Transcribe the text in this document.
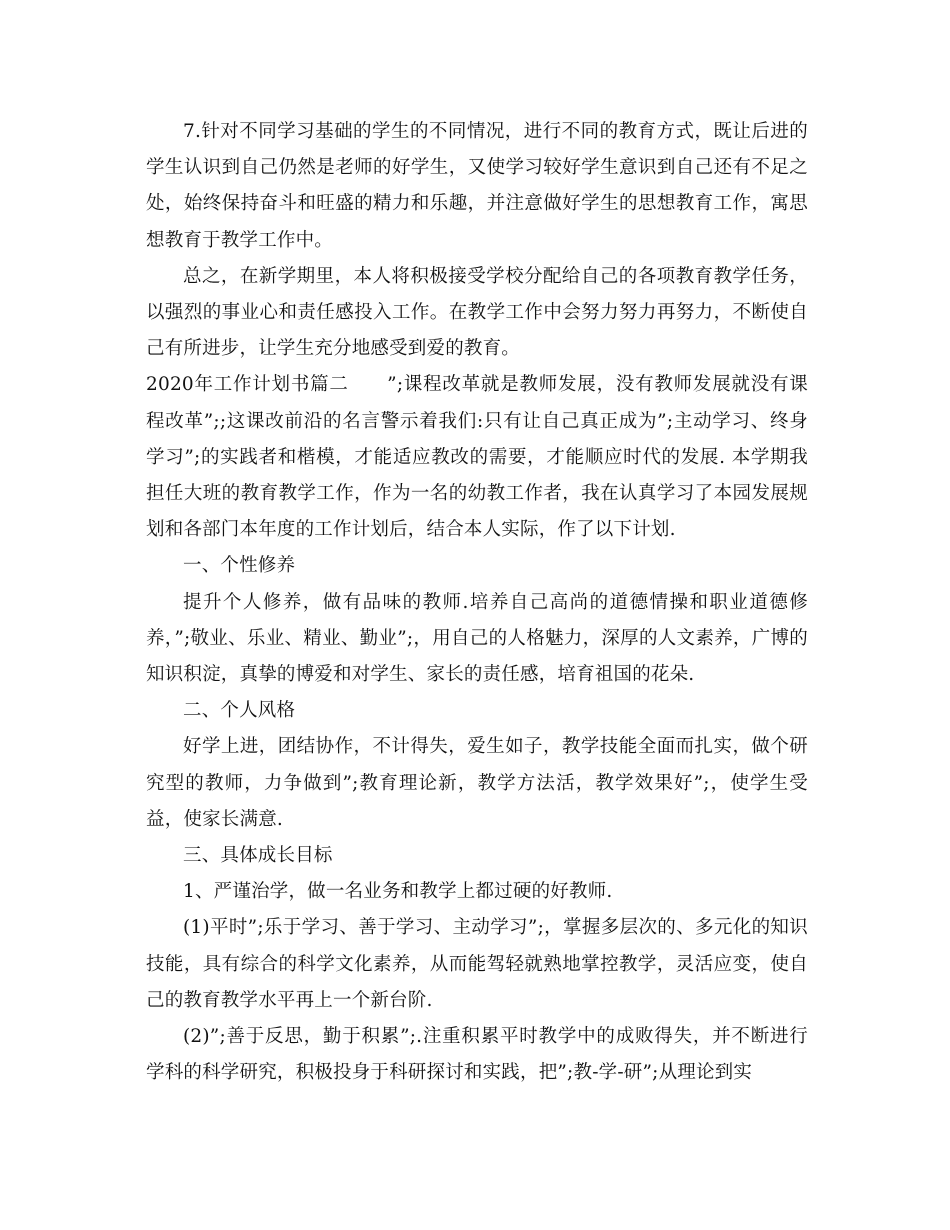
7.针对不同学习基础的学生的不同情况，进行不同的教育方式，既让后进的学生认识到自己仍然是老师的好学生，又使学习较好学生意识到自己还有不足之处，始终保持奋斗和旺盛的精力和乐趣，并注意做好学生的思想教育工作，寓思想教育于教学工作中。

总之，在新学期里，本人将积极接受学校分配给自己的各项教育教学任务，以强烈的事业心和责任感投入工作。在教学工作中会努力努力再努力，不断使自己有所进步，让学生充分地感受到爱的教育。

2020年工作计划书篇二　　”;课程改革就是教师发展，没有教师发展就没有课程改革”;;这课改前沿的名言警示着我们:只有让自己真正成为”;主动学习、终身学习”;的实践者和楷模，才能适应教改的需要，才能顺应时代的发展. 本学期我担任大班的教育教学工作，作为一名的幼教工作者，我在认真学习了本园发展规划和各部门本年度的工作计划后，结合本人实际，作了以下计划.

一、个性修养

提升个人修养，做有品味的教师.培养自己高尚的道德情操和职业道德修养，”;敬业、乐业、精业、勤业”;，用自己的人格魅力，深厚的人文素养，广博的知识积淀，真挚的博爱和对学生、家长的责任感，培育祖国的花朵.

二、个人风格

好学上进，团结协作，不计得失，爱生如子，教学技能全面而扎实，做个研究型的教师，力争做到”;教育理论新，教学方法活，教学效果好”;，使学生受益，使家长满意.

三、具体成长目标

1、严谨治学，做一名业务和教学上都过硬的好教师.

(1)平时”;乐于学习、善于学习、主动学习”;，掌握多层次的、多元化的知识技能，具有综合的科学文化素养，从而能驾轻就熟地掌控教学，灵活应变，使自己的教育教学水平再上一个新台阶.

(2)”;善于反思，勤于积累”;.注重积累平时教学中的成败得失，并不断进行学科的科学研究，积极投身于科研探讨和实践，把”;教-学-研”;从理论到实
